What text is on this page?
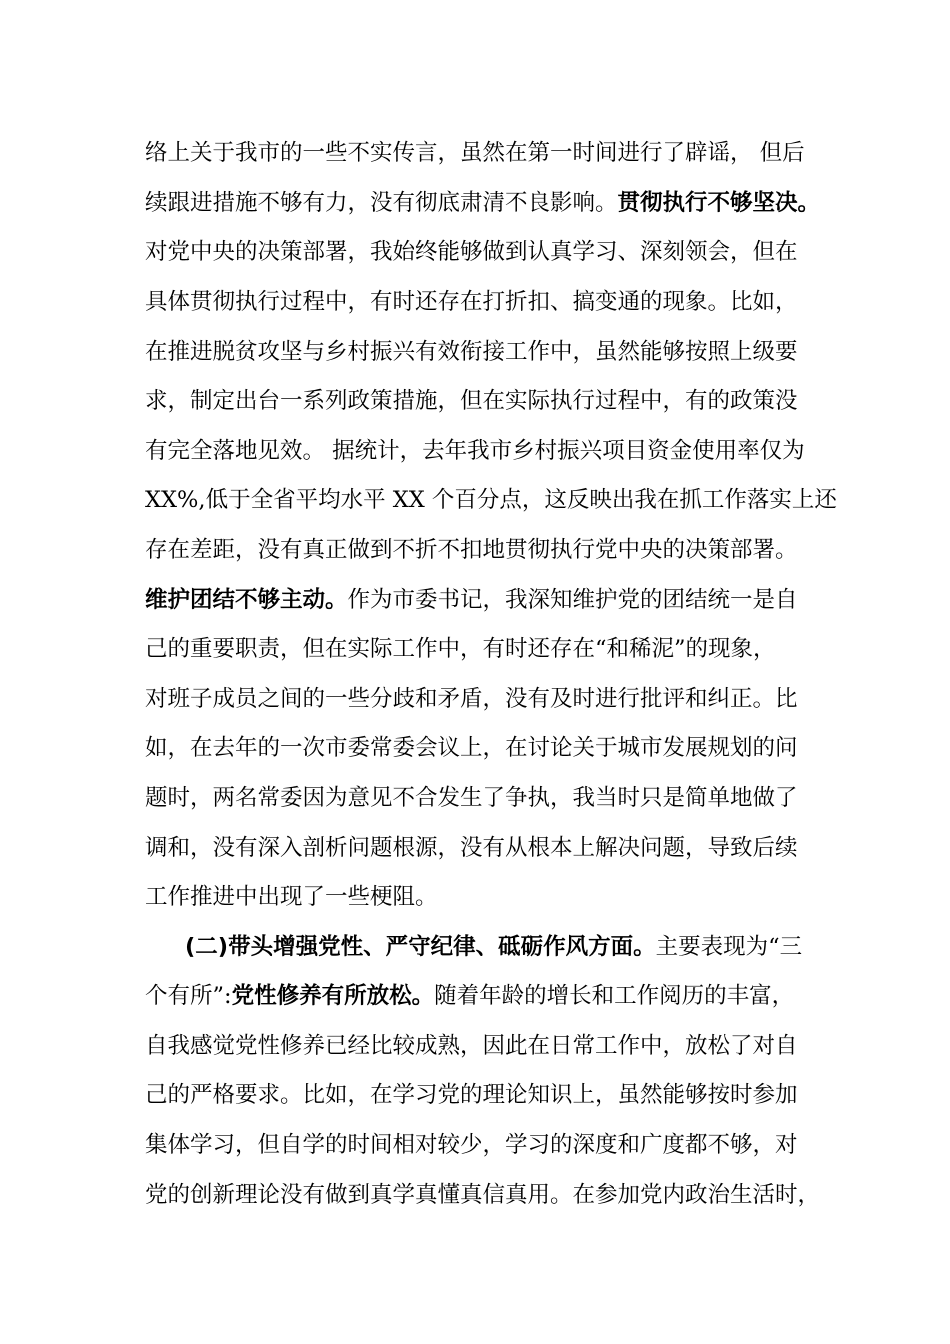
络上关于我市的一些不实传言，虽然在第一时间进行了辟谣， 但后
续跟进措施不够有力，没有彻底肃清不良影响。贯彻执行不够坚决。
对党中央的决策部署，我始终能够做到认真学习、深刻领会，但在
具体贯彻执行过程中，有时还存在打折扣、搞变通的现象。比如，
在推进脱贫攻坚与乡村振兴有效衔接工作中，虽然能够按照上级要
求，制定出台一系列政策措施，但在实际执行过程中，有的政策没
有完全落地见效。 据统计，去年我市乡村振兴项目资金使用率仅为
XX%,低于全省平均水平 XX 个百分点，这反映出我在抓工作落实上还
存在差距，没有真正做到不折不扣地贯彻执行党中央的决策部署。
维护团结不够主动。作为市委书记，我深知维护党的团结统一是自
己的重要职责，但在实际工作中，有时还存在“和稀泥”的现象，
对班子成员之间的一些分歧和矛盾，没有及时进行批评和纠正。比
如，在去年的一次市委常委会议上，在讨论关于城市发展规划的问
题时，两名常委因为意见不合发生了争执，我当时只是简单地做了
调和，没有深入剖析问题根源，没有从根本上解决问题，导致后续
工作推进中出现了一些梗阻。
(二)带头增强党性、严守纪律、砥砺作风方面。主要表现为“三
个有所”:党性修养有所放松。随着年龄的增长和工作阅历的丰富，
自我感觉党性修养已经比较成熟，因此在日常工作中，放松了对自
己的严格要求。比如，在学习党的理论知识上，虽然能够按时参加
集体学习，但自学的时间相对较少，学习的深度和广度都不够，对
党的创新理论没有做到真学真懂真信真用。在参加党内政治生活时，
